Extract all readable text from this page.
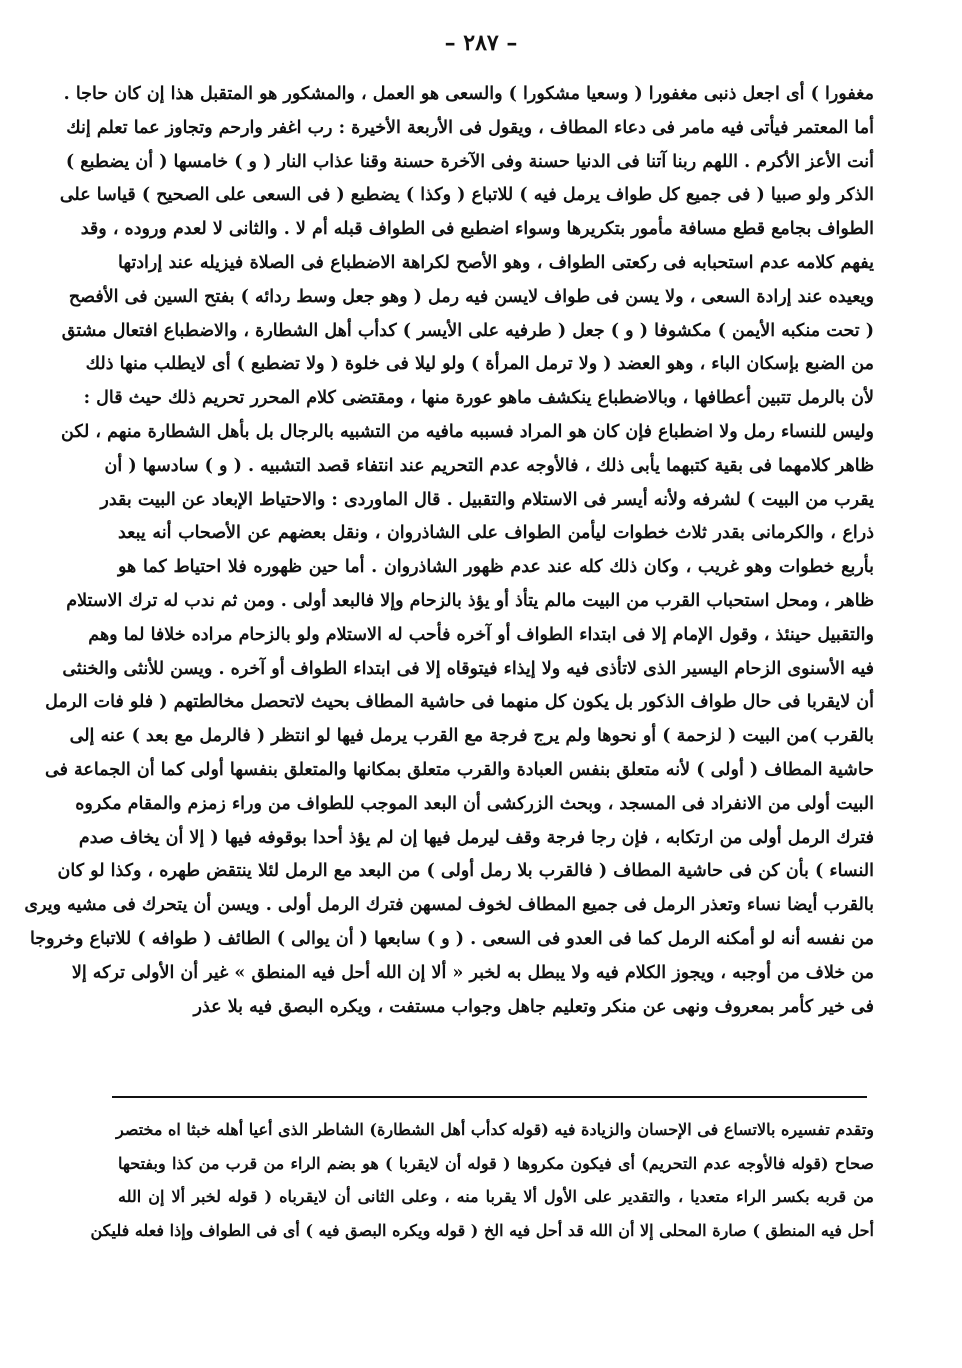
– ٢٨٧ –
مغفورا ) أى اجعل ذنبى مغفورا ( وسعيا مشكورا ) والسعى هو العمل ، والمشكور هو المتقبل هذا إن كان حاجا .
أما المعتمر فيأتى فيه مامر فى دعاء المطاف ، ويقول فى الأربعة الأخيرة : رب اغفر وارحم وتجاوز عما تعلم إنك
أنت الأعز الأكرم . اللهم ربنا آتنا فى الدنيا حسنة وفى الآخرة حسنة وقنا عذاب النار ( و ) خامسها ( أن يضطبع )
الذكر ولو صبيا ( فى جميع كل طواف يرمل فيه ) للاتباع ( وكذا ) يضطبع ( فى السعى على الصحيح ) قياسا على
الطواف بجامع قطع مسافة مأمور بتكريرها وسواء اضطبع فى الطواف قبله أم لا . والثانى لا لعدم وروده ، وقد
يفهم كلامه عدم استحبابه فى ركعتى الطواف ، وهو الأصح لكراهة الاضطباع فى الصلاة فيزيله عند إرادتها
ويعيده عند إرادة السعى ، ولا يسن فى طواف لايسن فيه رمل ( وهو جعل وسط ردائه ) بفتح السين فى الأفصح
( تحت منكبه الأيمن ) مكشوفا ( و ) جعل ( طرفيه على الأيسر ) كدأب أهل الشطارة ، والاضطباع افتعال مشتق
من الضبع بإسكان الباء ، وهو العضد ( ولا ترمل المرأة ) ولو ليلا فى خلوة ( ولا تضطبع ) أى لايطلب منها ذلك
لأن بالرمل تتبين أعطافها ، وبالاضطباع ينكشف ماهو عورة منها ، ومقتضى كلام المحرر تحريم ذلك حيث قال :
وليس للنساء رمل ولا اضطباع فإن كان هو المراد فسببه مافيه من التشبيه بالرجال بل بأهل الشطارة منهم ، لكن
ظاهر كلامهما فى بقية كتبهما يأبى ذلك ، فالأوجه عدم التحريم عند انتفاء قصد التشبيه . ( و ) سادسها ( أن
يقرب من البيت ) لشرفه ولأنه أيسر فى الاستلام والتقبيل . قال الماوردى : والاحتياط الإبعاد عن البيت بقدر
ذراع ، والكرمانى بقدر ثلاث خطوات ليأمن الطواف على الشاذروان ، ونقل بعضهم عن الأصحاب أنه يبعد
بأربع خطوات وهو غريب ، وكان ذلك كله عند عدم ظهور الشاذروان . أما حين ظهوره فلا احتياط كما هو
ظاهر ، ومحل استحباب القرب من البيت مالم يتأذ أو يؤذ بالزحام وإلا فالبعد أولى . ومن ثم ندب له ترك الاستلام
والتقبيل حينئذ ، وقول الإمام إلا فى ابتداء الطواف أو آخره فأحب له الاستلام ولو بالزحام مراده خلافا لما وهم
فيه الأسنوى الزحام اليسير الذى لاتأذى فيه ولا إيذاء فيتوقاه إلا فى ابتداء الطواف أو آخره . ويسن للأنثى والخنثى
أن لايقربا فى حال طواف الذكور بل يكون كل منهما فى حاشية المطاف بحيث لاتحصل مخالطتهم ( فلو فات الرمل
بالقرب )من البيت ( لزحمة ) أو نحوها ولم يرج فرجة مع القرب يرمل فيها لو انتظر ( فالرمل مع بعد ) عنه إلى
حاشية المطاف ( أولى ) لأنه متعلق بنفس العبادة والقرب متعلق بمكانها والمتعلق بنفسها أولى كما أن الجماعة فى
البيت أولى من الانفراد فى المسجد ، وبحث الزركشى أن البعد الموجب للطواف من وراء زمزم والمقام مكروه
فترك الرمل أولى من ارتكابه ، فإن رجا فرجة وقف ليرمل فيها إن لم يؤذ أحدا بوقوفه فيها ( إلا أن يخاف صدم
النساء ) بأن كن فى حاشية المطاف ( فالقرب بلا رمل أولى ) من البعد مع الرمل لئلا ينتقض طهره ، وكذا لو كان
بالقرب أيضا نساء وتعذر الرمل فى جميع المطاف لخوف لمسهن فترك الرمل أولى . ويسن أن يتحرك فى مشيه ويرى
من نفسه أنه لو أمكنه الرمل كما فى العدو فى السعى . ( و ) سابعها ( أن يوالى ) الطائف ( طوافه ) للاتباع وخروجا
من خلاف من أوجبه ، ويجوز الكلام فيه ولا يبطل به لخبر « ألا إن الله أحل فيه المنطق » غير أن الأولى تركه إلا
فى خير كأمر بمعروف ونهى عن منكر وتعليم جاهل وجواب مستفت ، ويكره البصق فيه بلا عذر
وتقدم تفسيره بالاتساع فى الإحسان والزيادة فيه (قوله كدأب أهل الشطارة) الشاطر الذى أعيا أهله خبثا اه مختصر
صحاح (قوله فالأوجه عدم التحريم) أى فيكون مكروها ( قوله أن لايقربا ) هو بضم الراء من قرب من كذا وبفتحها
من قربه بكسر الراء متعديا ، والتقدير على الأول ألا يقربا منه ، وعلى الثانى أن لايقرباه ( قوله لخبر ألا إن الله
أحل فيه المنطق ) صارة المحلى إلا أن الله قد أحل فيه الخ ( قوله ويكره البصق فيه ) أى فى الطواف وإذا فعله فليكن
